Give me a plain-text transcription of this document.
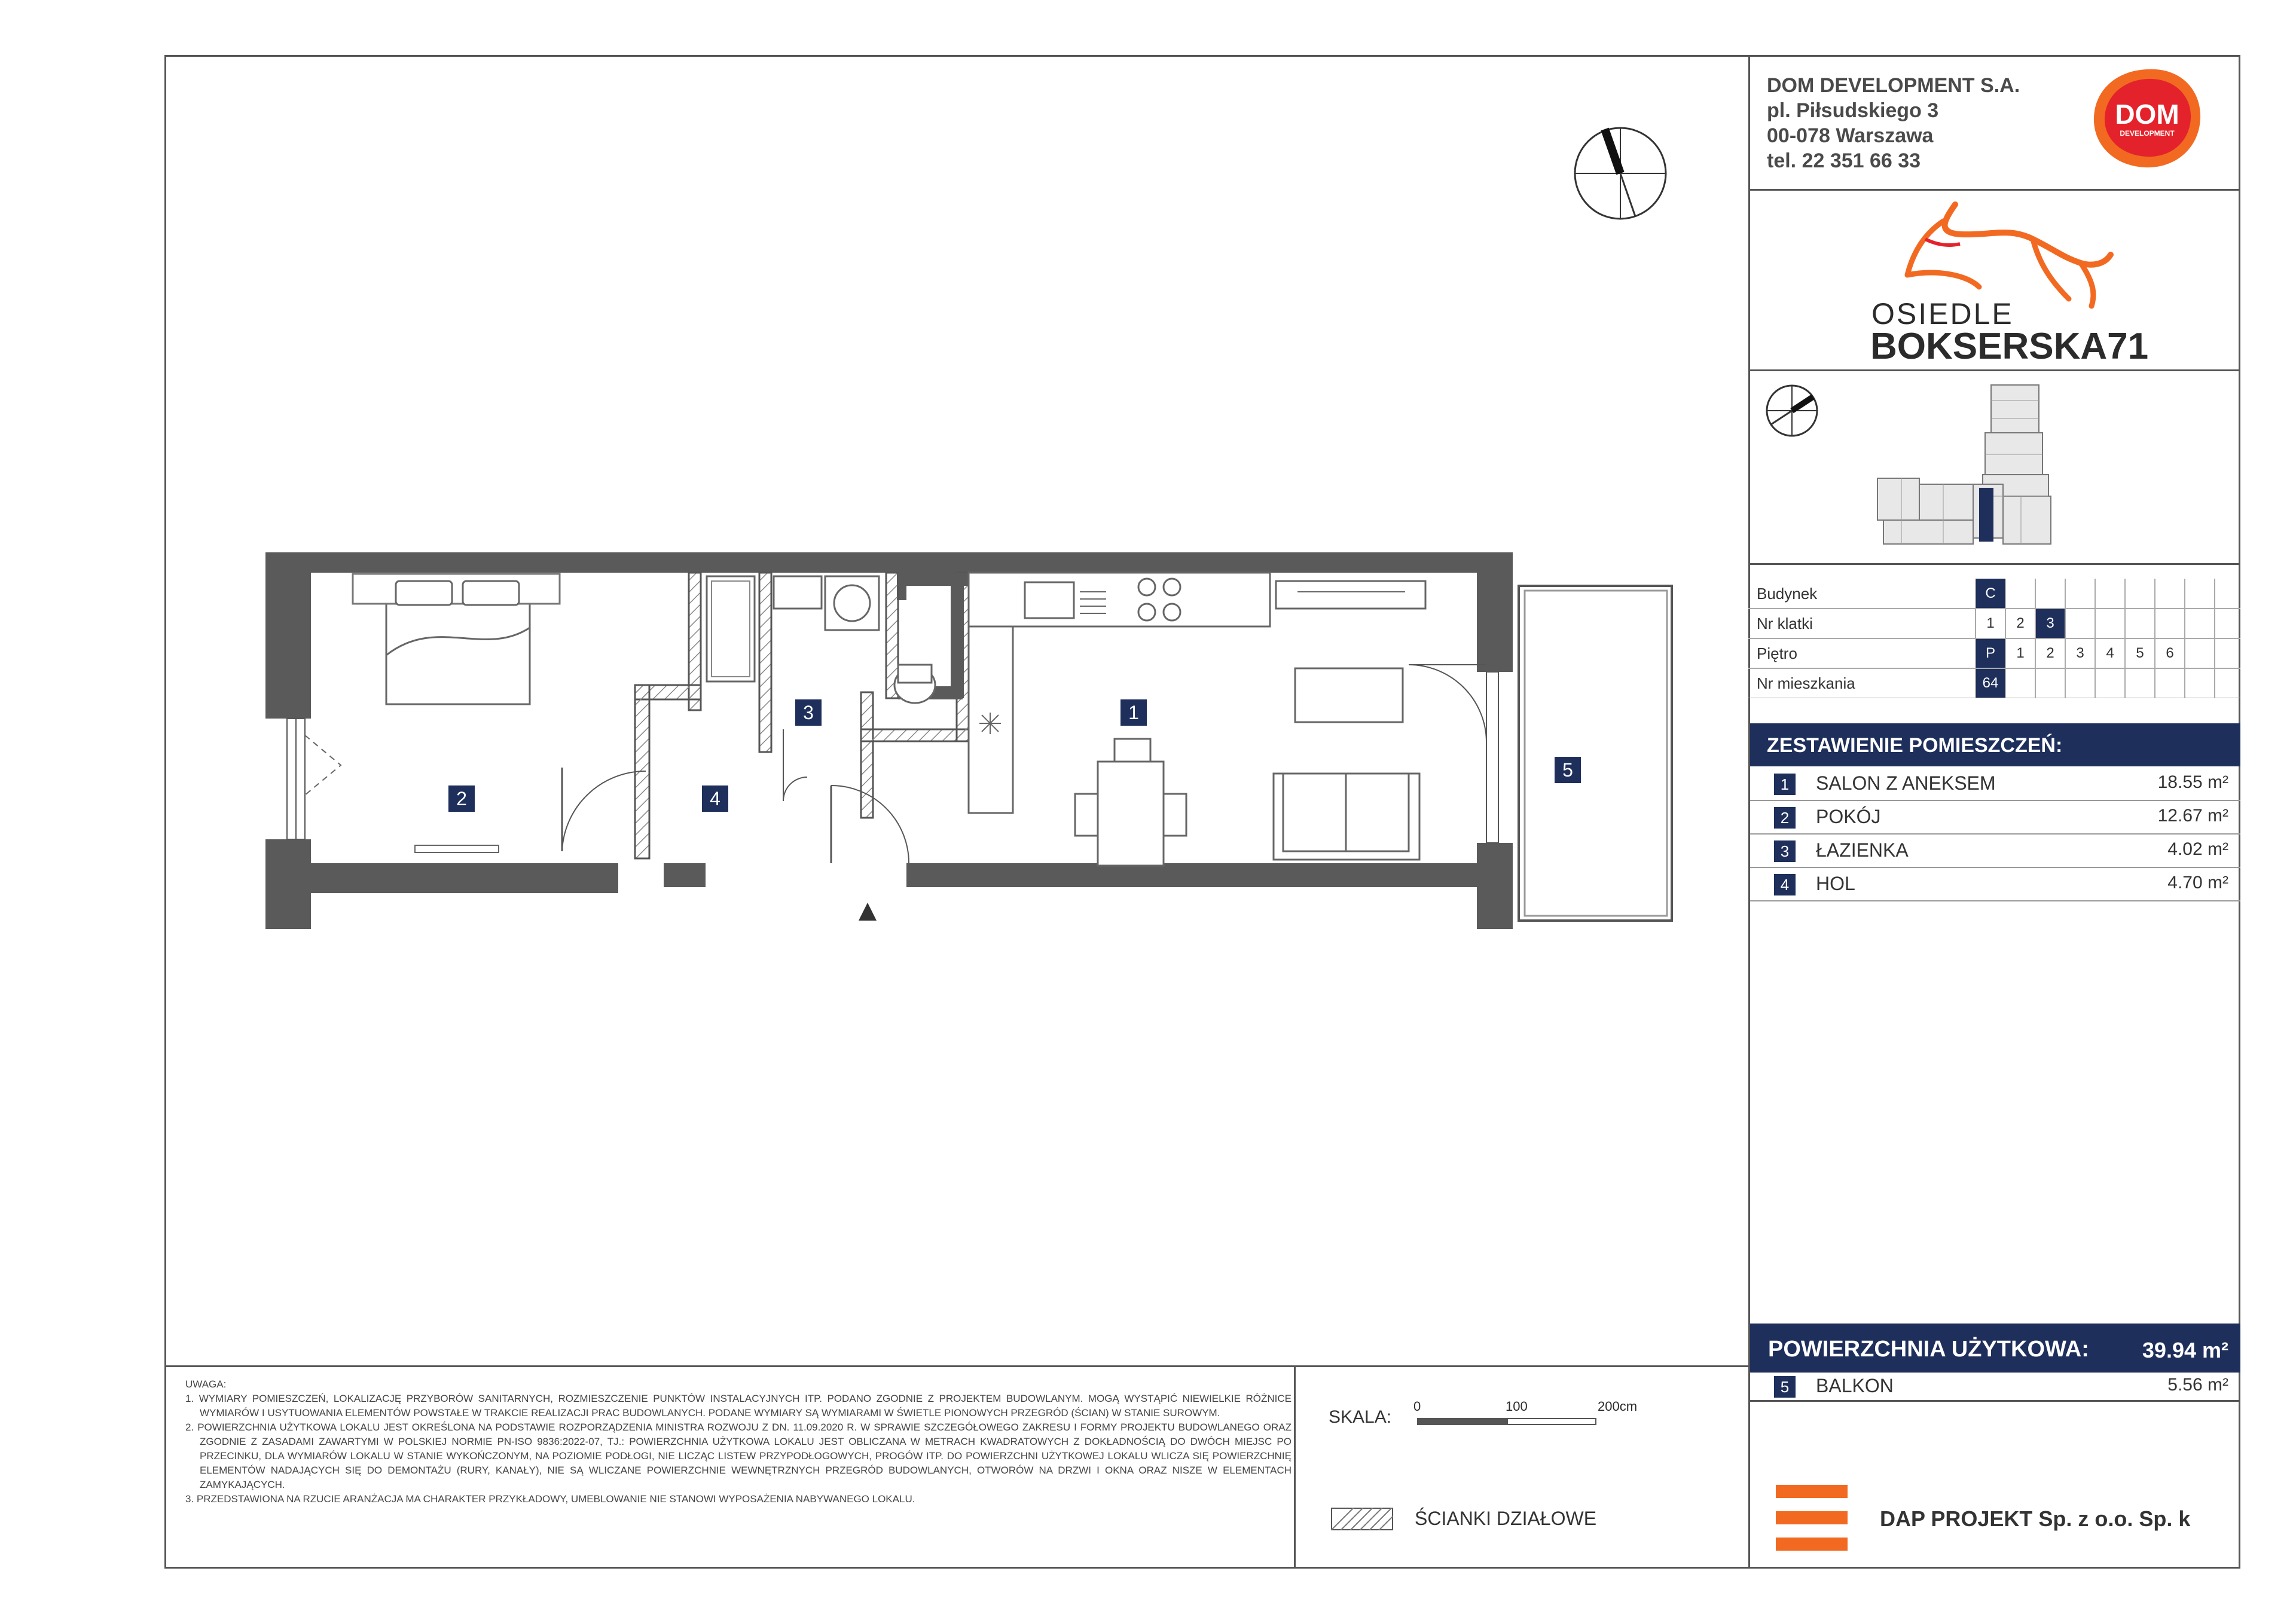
DOM DEVELOPMENT S.A.
pl. Piłsudskiego 3
00-078 Warszawa
tel. 22 351 66 33
DOM
DEVELOPMENT
OSIEDLE
BOKSERSKA71
Budynek	C
Nr klatki	1	2	3
Piętro	P	1	2	3	4	5	6
Nr mieszkania	64
ZESTAWIENIE POMIESZCZEŃ:
1	SALON Z ANEKSEM	18.55 m²
2	POKÓJ	12.67 m²
3	ŁAZIENKA	4.02 m²
4	HOL	4.70 m²
POWIERZCHNIA UŻYTKOWA: 39.94 m²
5	BALKON	5.56 m²
DAP PROJEKT Sp. z o.o. Sp. k
UWAGA:

1. WYMIARY POMIESZCZEŃ, LOKALIZACJĘ PRZYBORÓW SANITARNYCH, ROZMIESZCZENIE PUNKTÓW INSTALACYJNYCH ITP. PODANO ZGODNIE Z PROJEKTEM BUDOWLANYM. MOGĄ WYSTĄPIĆ NIEWIELKIE RÓŻNICE WYMIARÓW I USYTUOWANIA ELEMENTÓW POWSTAŁE W TRAKCIE REALIZACJI PRAC BUDOWLANYCH. PODANE WYMIARY SĄ WYMIARAMI W ŚWIETLE PIONOWYCH PRZEGRÓD (ŚCIAN) W STANIE SUROWYM.

2. POWIERZCHNIA UŻYTKOWA LOKALU JEST OKREŚLONA NA PODSTAWIE ROZPORZĄDZENIA MINISTRA ROZWOJU Z DN. 11.09.2020 R. W SPRAWIE SZCZEGÓŁOWEGO ZAKRESU I FORMY PROJEKTU BUDOWLANEGO ORAZ ZGODNIE Z ZASADAMI ZAWARTYMI W POLSKIEJ NORMIE PN-ISO 9836:2022-07, TJ.: POWIERZCHNIA UŻYTKOWA LOKALU JEST OBLICZANA W METRACH KWADRATOWYCH Z DOKŁADNOŚCIĄ DO DWÓCH MIEJSC PO PRZECINKU, DLA WYMIARÓW LOKALU W STANIE WYKOŃCZONYM, NA POZIOMIE PODŁOGI, NIE LICZĄC LISTEW PRZYPODŁOGOWYCH, PROGÓW ITP. DO POWIERZCHNI UŻYTKOWEJ LOKALU WLICZA SIĘ POWIERZCHNIĘ ELEMENTÓW NADAJĄCYCH SIĘ DO DEMONTAŻU (RURY, KANAŁY), NIE SĄ WLICZANE POWIERZCHNIE WEWNĘTRZNYCH PRZEGRÓD BUDOWLANYCH, OTWORÓW NA DRZWI I OKNA ORAZ NISZE W ELEMENTACH ZAMYKAJĄCYCH.

3. PRZEDSTAWIONA NA RZUCIE ARANŻACJA MA CHARAKTER PRZYKŁADOWY, UMEBLOWANIE NIE STANOWI WYPOSAŻENIA NABYWANEGO LOKALU.

SKALA:
0	100	200cm
ŚCIANKI DZIAŁOWE
1
2
3
4
5
